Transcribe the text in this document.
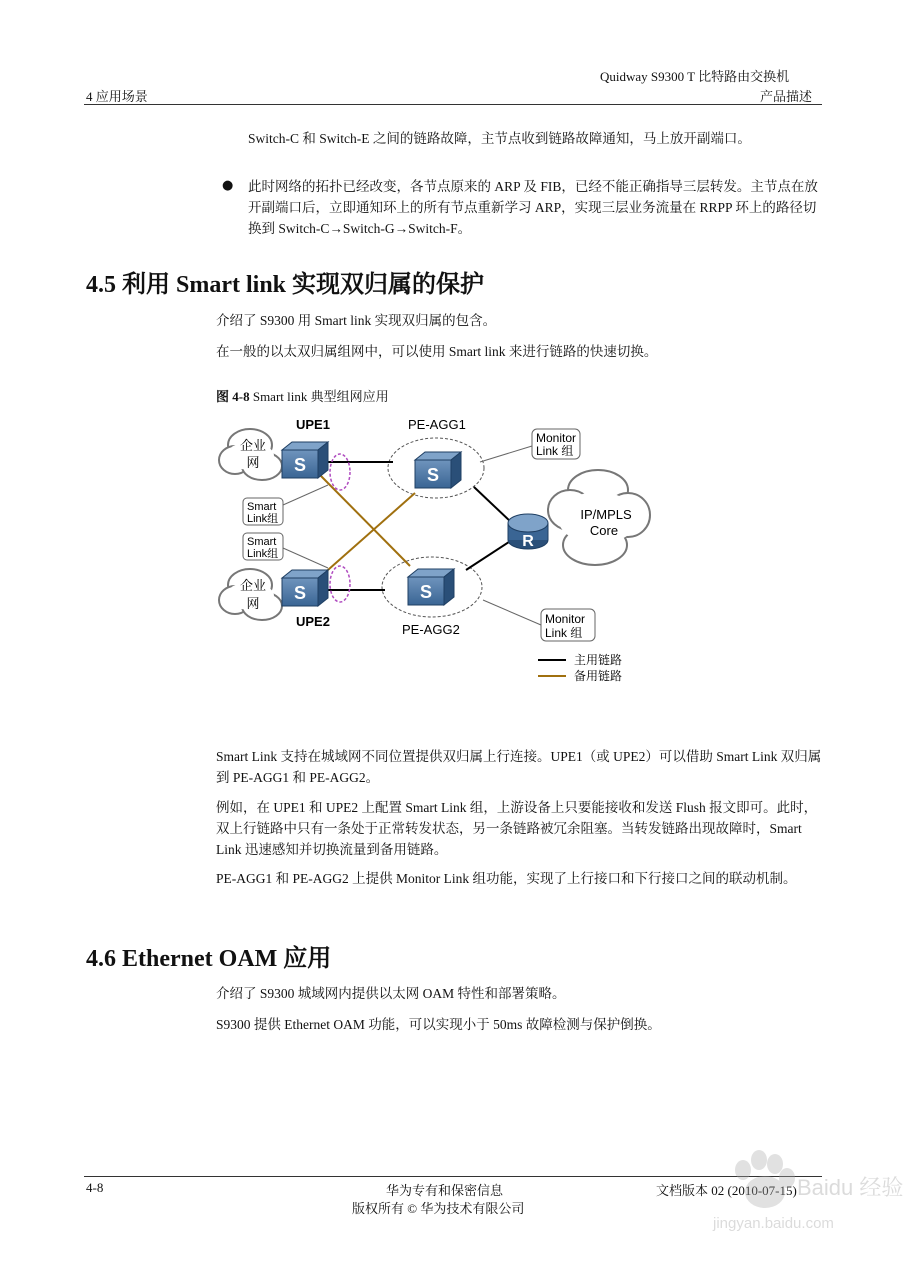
Quidway S9300 T 比特路由交换机
4 应用场景	产品描述
Switch-C 和 Switch-E 之间的链路故障，主节点收到链路故障通知，马上放开副端口。
● 此时网络的拓扑已经改变，各节点原来的 ARP 及 FIB，已经不能正确指导三层转发。主节点在放开副端口后，立即通知环上的所有节点重新学习 ARP，实现三层业务流量在 RRPP 环上的路径切换到 Switch-C→Switch-G→Switch-F。
4.5 利用 Smart link 实现双归属的保护
介绍了 S9300 用 Smart link 实现双归属的包含。
在一般的以太双归属组网中，可以使用 Smart link 来进行链路的快速切换。
图 4-8 Smart link 典型组网应用
企业
网
企业
网
IP/MPLS
Core
S
UPE1
S
UPE2
S
PE-AGG1
S
PE-AGG2
R
Smart
Link组
Smart
Link组
Monitor
Link 组
Monitor
Link 组
主用链路
备用链路
Smart Link 支持在城域网不同位置提供双归属上行连接。UPE1（或 UPE2）可以借助 Smart Link 双归属到 PE-AGG1 和 PE-AGG2。
例如，在 UPE1 和 UPE2 上配置 Smart Link 组，上游设备上只要能接收和发送 Flush 报文即可。此时，双上行链路中只有一条处于正常转发状态，另一条链路被冗余阻塞。当转发链路出现故障时，Smart Link 迅速感知并切换流量到备用链路。
PE-AGG1 和 PE-AGG2 上提供 Monitor Link 组功能，实现了上行接口和下行接口之间的联动机制。
4.6 Ethernet OAM 应用
介绍了 S9300 城域网内提供以太网 OAM 特性和部署策略。
S9300 提供 Ethernet OAM 功能，可以实现小于 50ms 故障检测与保护倒换。
4-8	华为专有和保密信息
版权所有 © 华为技术有限公司
文档版本 02 (2010-07-15) Baidu 经验
jingyan.baidu.com
